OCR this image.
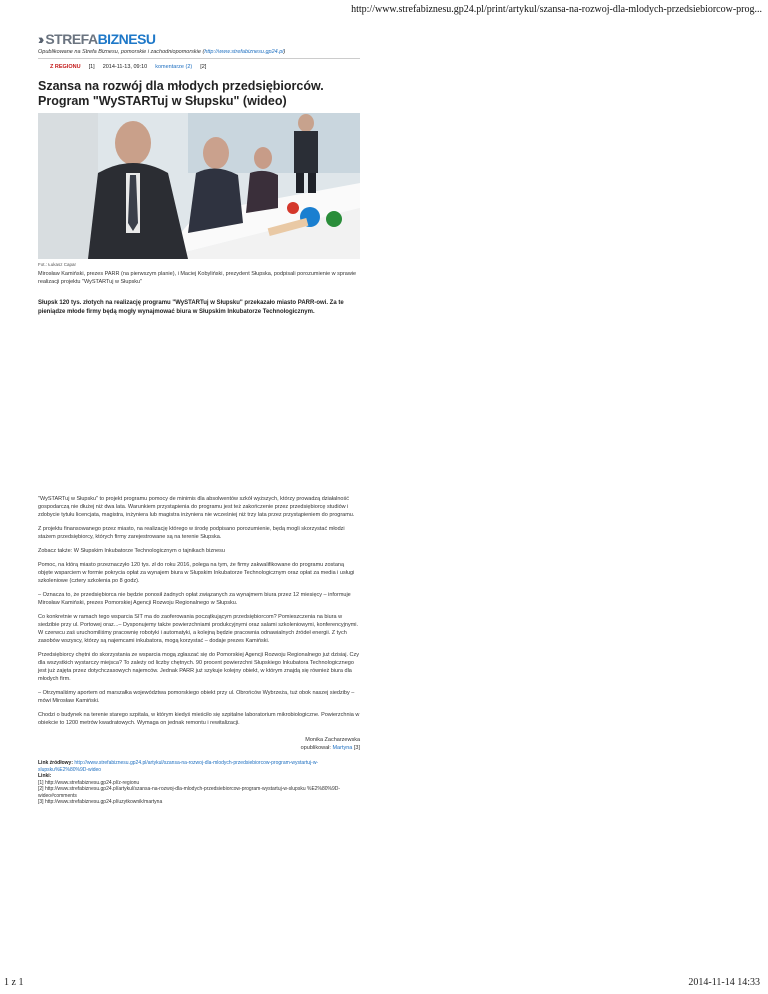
http://www.strefabiznesu.gp24.pl/print/artykul/szansa-na-rozwoj-dla-mlodych-przedsiebiorcow-prog...
›› STREFA BIZNESU
Opublikowane na Strefa Biznesu, pomorskie i zachodniopomorskie (http://www.strefabiznesu.gp24.pl)
Z REGIONU [1] 2014-11-13, 09:10 komentarze (2) [2]
Szansa na rozwój dla młodych przedsiębiorców. Program "WySTARTuj w Słupsku" (wideo)
Fot.: Łukasz Capar
Mirosław Kamiński, prezes PARR (na pierwszym planie), i Maciej Kobyliński, prezydent Słupska, podpisali porozumienie w sprawie realizacji projektu "WySTARTuj w Słupsku"
Słupsk 120 tys. złotych na realizację programu "WySTARTuj w Słupsku" przekazało miasto PARR-owi. Za te pieniądze młode firmy będą mogły wynajmować biura w Słupskim Inkubatorze Technologicznym.

"WySTARTuj w Słupsku" to projekt programu pomocy de minimis dla absolwentów szkół wyższych, którzy prowadzą działalność gospodarczą nie dłużej niż dwa lata. Warunkiem przystąpienia do programu jest też zakończenie przez przedsiębiorcę studiów i zdobycie tytułu licencjata, magistra, inżyniera lub magistra inżyniera nie wcześniej niż trzy lata przez przystąpieniem do programu.

Z projektu finansowanego przez miasto, na realizację którego w środę podpisano porozumienie, będą mogli skorzystać młodzi stażem przedsiębiorcy, których firmy zarejestrowane są na terenie Słupska.

Zobacz także: W Słupskim Inkubatorze Technologicznym o tajnikach biznesu

Pomoc, na którą miasto przeznaczyło 120 tys. zł do roku 2016, polega na tym, że firmy zakwalifikowane do programu zostaną objęte wsparciem w formie pokrycia opłat za wynajem biura w Słupskim Inkubatorze Technologicznym oraz opłat za media i usługi szkoleniowe (cztery szkolenia po 8 godz).

– Oznacza to, że przedsiębiorca nie będzie ponosił żadnych opłat związanych za wynajmem biura przez 12 miesięcy – informuje Mirosław Kamiński, prezes Pomorskiej Agencji Rozwoju Regionalnego w Słupsku.

Co konkretnie w ramach tego wsparcia SIT ma do zaoferowania początkującym przedsiębiorcom? Pomieszczenia na biura w siedzibie przy ul. Portowej oraz...– Dysponujemy także powierzchniami produkcyjnymi oraz salami szkoleniowymi, konferencyjnymi. W czerwcu zaś uruchomiliśmy pracownię robotyki i automatyki, a kolejną będzie pracownia odnawialnych źródeł energii. Z tych zasobów wszyscy, którzy są najemcami inkubatora, mogą korzystać – dodaje prezes Kamiński.

Przedsiębiorcy chętni do skorzystania ze wsparcia mogą zgłaszać się do Pomorskiej Agencji Rozwoju Regionalnego już dzisiaj. Czy dla wszystkich wystarczy miejsca? To zależy od liczby chętnych. 90 procent powierzchni Słupskiego Inkubatora Technologicznego jest już zajęta przez dotychczasowych najemców. Jednak PARR już szykuje kolejny obiekt, w którym znajdą się również biura dla młodych firm.

– Otrzymaliśmy aportem od marszałka województwa pomorskiego obiekt przy ul. Obrońców Wybrzeża, tuż obok naszej siedziby – mówi Mirosław Kamiński.

Chodzi o budynek na terenie starego szpitala, w którym kiedyś mieściło się szpitalne laboratorium mikrobiologiczne. Powierzchnia w obiekcie to 1200 metrów kwadratowych. Wymaga on jednak remontu i rewitalizacji.

Monika Zacharzewska
opublikował: Martyna [3]
Link źródłowy: http://www.strefabiznesu.gp24.pl/artykul/szansa-na-rozwoj-dla-mlodych-przedsiebiorcow-program-wystartuj-w-slupsku%E2%80%9D-wideo
Linki:
[1] http://www.strefabiznesu.gp24.pl/z-regionu
[2] http://www.strefabiznesu.gp24.pl/artykul/szansa-na-rozwoj-dla-mlodych-przedsiebiorcow-program-wystartuj-w-slupsku %E2%80%9D-wideo#comments
[3] http://www.strefabiznesu.gp24.pl/uzytkownik/martyna
1 z 1	2014-11-14 14:33
